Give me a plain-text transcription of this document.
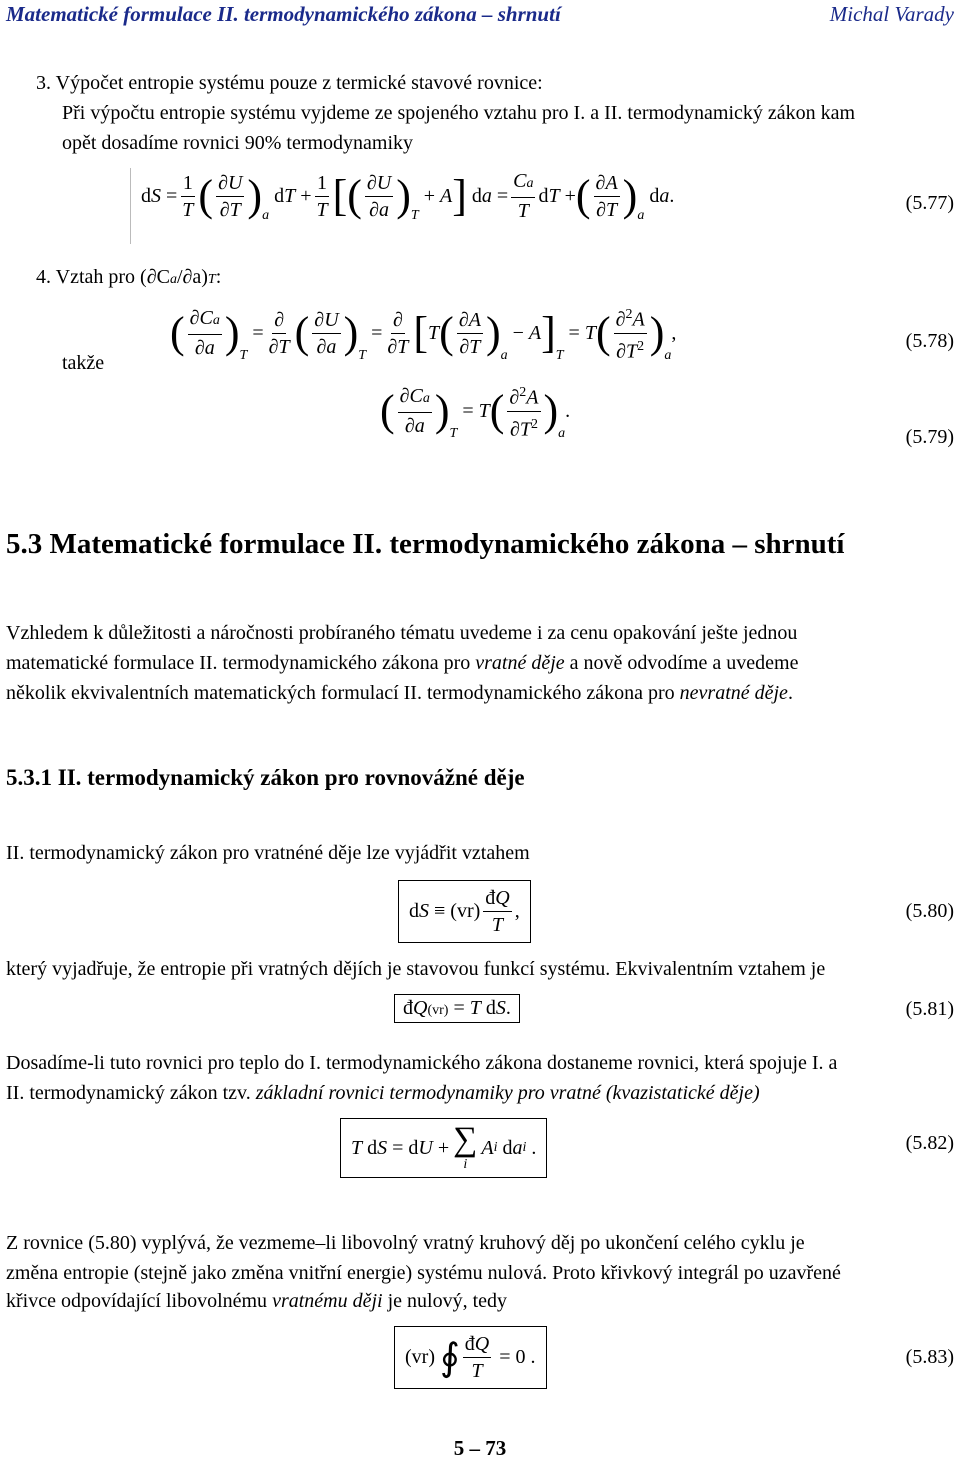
Matematické formulace II. termodynamického zákona – shrnutí	Michal Varady
3. Výpočet entropie systému pouze z termické stavové rovnice:
Při výpočtu entropie systému vyjdeme ze spojeného vztahu pro I. a II. termodynamický zákon kam
opět dosadíme rovnici 90% termodynamiky
d $S = \frac{1}{T}$ ( $\frac{\partial U}{\partial T}$ ) a
d $T + \frac{1}{T}$ [ ( $\frac{\partial U}{\partial a}$ ) T
+ A ] d $a = \frac{Ca}{T}$ d T + ( $\frac{\partial A}{\partial T}$ ) a
d a .	(5.77)
4. Vztah pro (∂Ca/∂a)T:
takže
( $\frac{\partial Ca}{\partial a}$ ) T
= $\frac{\partial}{\partial T}$ ( $\frac{\partial U}{\partial a}$ ) T
= $\frac{\partial}{\partial T}$ [ T ( $\frac{\partial A}{\partial T}$ ) a
− A ] T
= T ( $\frac{\partial^2A}{\partial T^2}$ ) a
,	(5.78)
( $\frac{\partial Ca}{\partial a}$ ) T
= T ( $\frac{\partial^2A}{\partial T^2}$ ) a
.
(5.79)
5.3 Matematické formulace II. termodynamického zákona – shrnutí
Vzhledem k důležitosti a náročnosti probíraného tématu uvedeme i za cenu opakování ješte jednou
matematické formulace II. termodynamického zákona pro vratné děje a nově odvodíme a uvedeme
několik ekvivalentních matematických formulací II. termodynamického zákona pro nevratné děje.
5.3.1 II. termodynamický zákon pro rovnovážné děje
II. termodynamický zákon pro vratnéné děje lze vyjádřit vztahem
d $S \equiv (vr) \frac{đQ}{T}$ ,	(5.80)
který vyjadřuje, že entropie při vratných dějích je stavovou funkcí systému. Ekvivalentním vztahem je
đQ(vr) = T dS.	(5.81)
Dosadíme-li tuto rovnici pro teplo do I. termodynamického zákona dostaneme rovnici, která spojuje I. a
II. termodynamický zákon tzv. základní rovnici termodynamiky pro vratné (kvazistatické děje)
T d S = d U + ∑
i
A i d a i .	(5.82)
Z rovnice (5.80) vyplývá, že vezmeme–li libovolný vratný kruhový děj po ukončení celého cyklu je
změna entropie (stejně jako změna vnitřní energie) systému nulová. Proto křivkový integrál po uzavřené
křivce odpovídající libovolnému vratnému ději je nulový, tedy
(vr) ∮ $\frac{đQ}{T} = 0$ .	(5.83)
5 – 73
